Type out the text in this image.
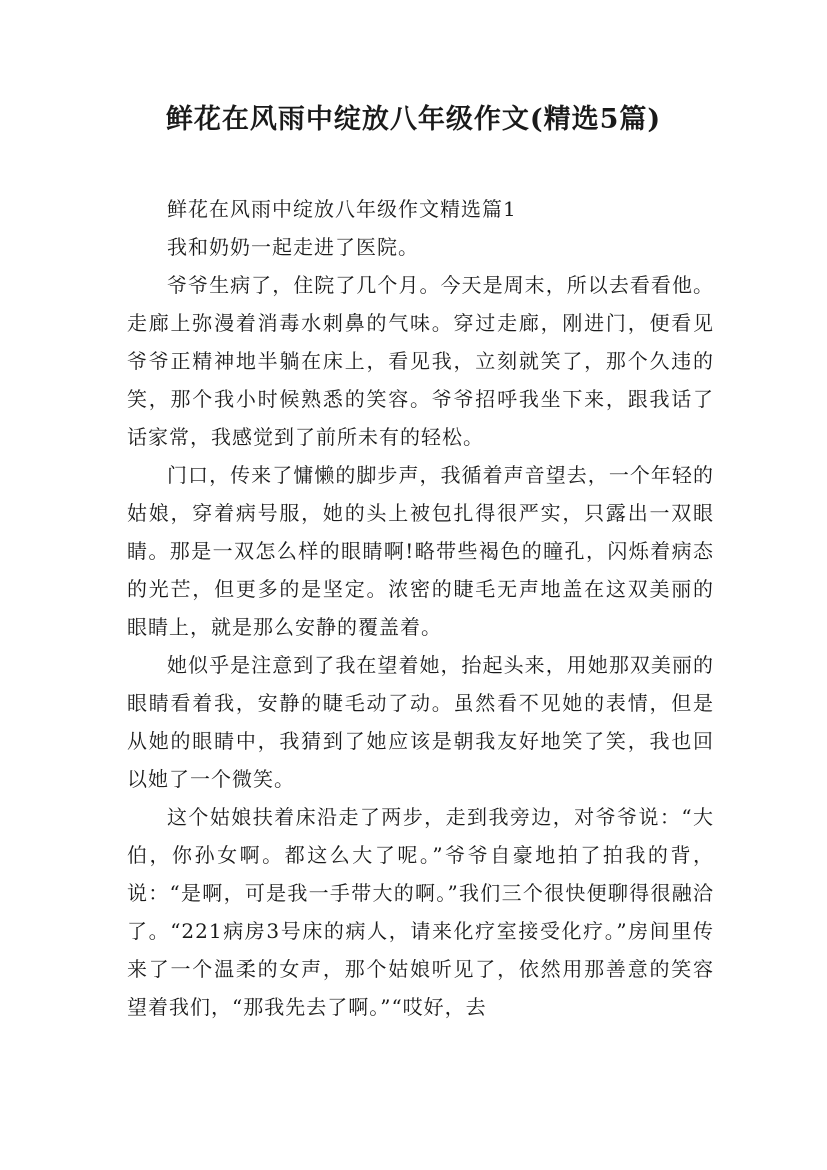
鲜花在风雨中绽放八年级作文(精选5篇)

鲜花在风雨中绽放八年级作文精选篇1

我和奶奶一起走进了医院。

爷爷生病了，住院了几个月。今天是周末，所以去看看他。走廊上弥漫着消毒水刺鼻的气味。穿过走廊，刚进门，便看见爷爷正精神地半躺在床上，看见我，立刻就笑了，那个久违的笑，那个我小时候熟悉的笑容。爷爷招呼我坐下来，跟我话了话家常，我感觉到了前所未有的轻松。

门口，传来了慵懒的脚步声，我循着声音望去，一个年轻的姑娘，穿着病号服，她的头上被包扎得很严实，只露出一双眼睛。那是一双怎么样的眼睛啊!略带些褐色的瞳孔，闪烁着病态的光芒，但更多的是坚定。浓密的睫毛无声地盖在这双美丽的眼睛上，就是那么安静的覆盖着。

她似乎是注意到了我在望着她，抬起头来，用她那双美丽的眼睛看着我，安静的睫毛动了动。虽然看不见她的表情，但是从她的眼睛中，我猜到了她应该是朝我友好地笑了笑，我也回以她了一个微笑。

这个姑娘扶着床沿走了两步，走到我旁边，对爷爷说：“大伯，你孙女啊。都这么大了呢。”爷爷自豪地拍了拍我的背，说：“是啊，可是我一手带大的啊。”我们三个很快便聊得很融洽了。“221病房3号床的病人，请来化疗室接受化疗。”房间里传来了一个温柔的女声，那个姑娘听见了，依然用那善意的笑容望着我们，“那我先去了啊。”“哎好，去
